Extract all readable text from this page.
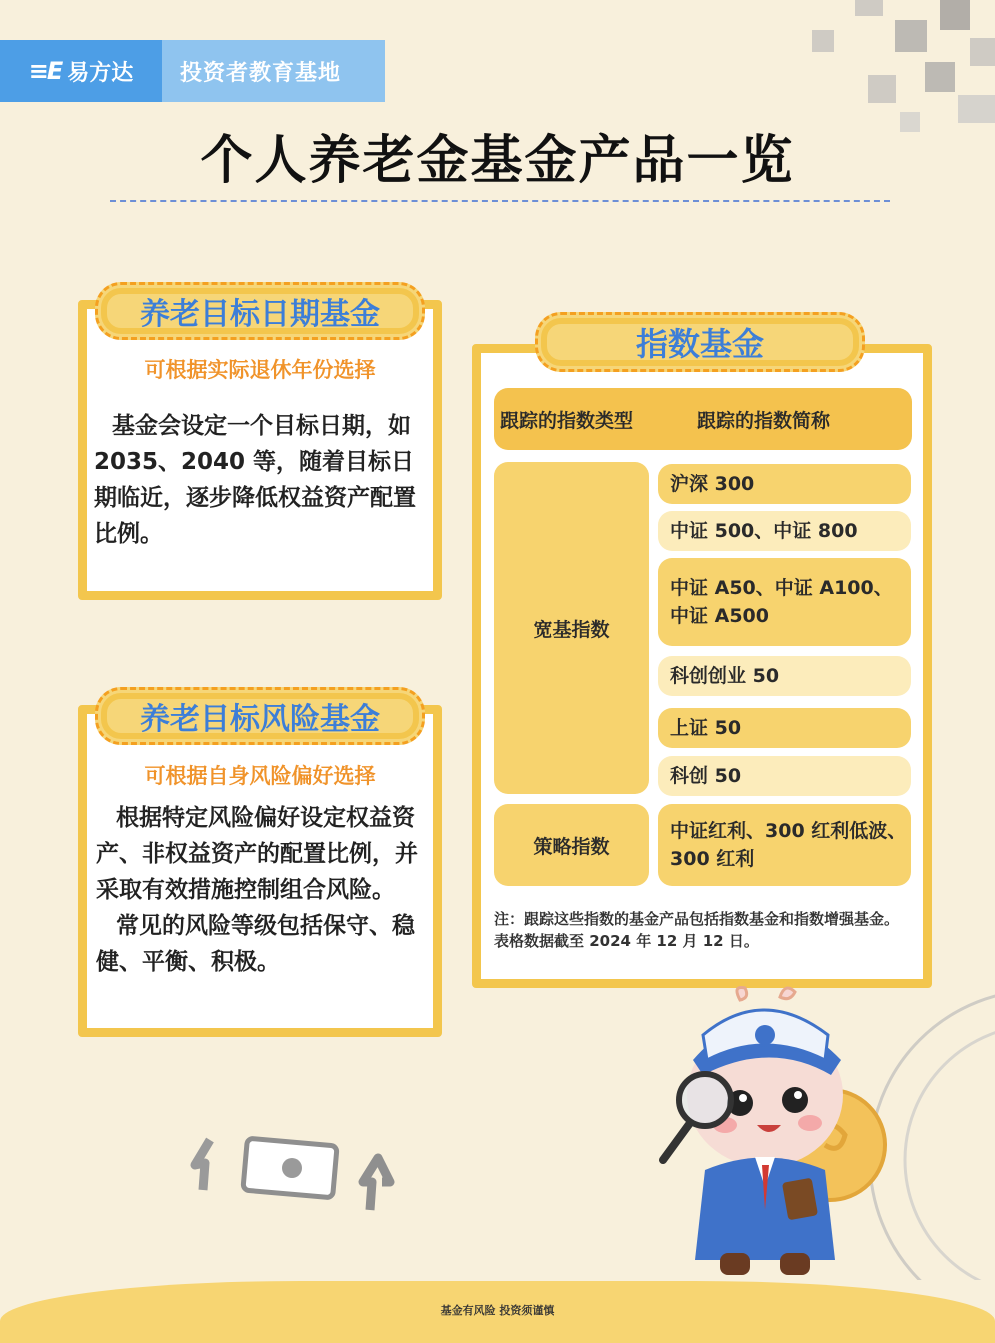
≡E 易方达	投资者教育基地
个人养老金基金产品一览
养老目标日期基金
可根据实际退休年份选择
基金会设定一个目标日期，如2035、2040 等，随着目标日期临近，逐步降低权益资产配置比例。
养老目标风险基金
可根据自身风险偏好选择
根据特定风险偏好设定权益资产、非权益资产的配置比例，并采取有效措施控制组合风险。
常见的风险等级包括保守、稳健、平衡、积极。
指数基金
跟踪的指数类型	跟踪的指数简称
宽基指数
沪深 300
中证 500、中证 800
中证 A50、中证 A100、中证 A500
科创创业 50
上证 50
科创 50
策略指数
中证红利、300 红利低波、300 红利
注：跟踪这些指数的基金产品包括指数基金和指数增强基金。表格数据截至 2024 年 12 月 12 日。
基金有风险 投资须谨慎
